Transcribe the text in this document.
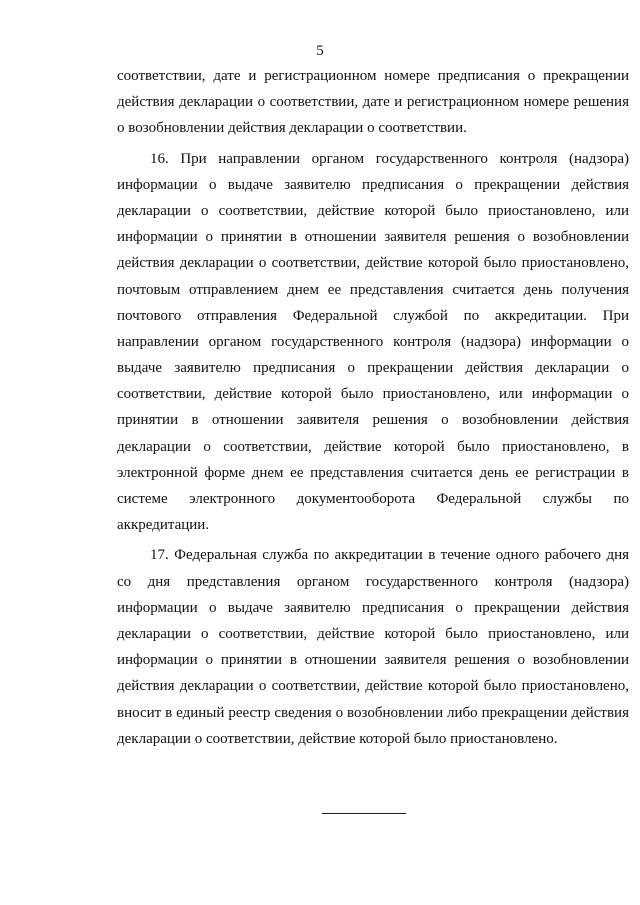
5

соответствии, дате и регистрационном номере предписания о прекращении
действия декларации о соответствии, дате и регистрационном номере решения
о возобновлении действия декларации о соответствии.

16. При направлении органом государственного контроля (надзора)
информации о выдаче заявителю предписания о прекращении действия
декларации о соответствии, действие которой было приостановлено, или
информации о принятии в отношении заявителя решения о возобновлении
действия декларации о соответствии, действие которой было приостановлено,
почтовым отправлением днем ее представления считается день получения
почтового отправления Федеральной службой по аккредитации. При
направлении органом государственного контроля (надзора) информации о
выдаче заявителю предписания о прекращении действия декларации о
соответствии, действие которой было приостановлено, или информации о
принятии в отношении заявителя решения о возобновлении действия
декларации о соответствии, действие которой было приостановлено, в
электронной форме днем ее представления считается день ее регистрации в
системе электронного документооборота Федеральной службы по
аккредитации.

17. Федеральная служба по аккредитации в течение одного рабочего дня
со дня представления органом государственного контроля (надзора)
информации о выдаче заявителю предписания о прекращении действия
декларации о соответствии, действие которой было приостановлено, или
информации о принятии в отношении заявителя решения о возобновлении
действия декларации о соответствии, действие которой было приостановлено,
вносит в единый реестр сведения о возобновлении либо прекращении действия
декларации о соответствии, действие которой было приостановлено.
